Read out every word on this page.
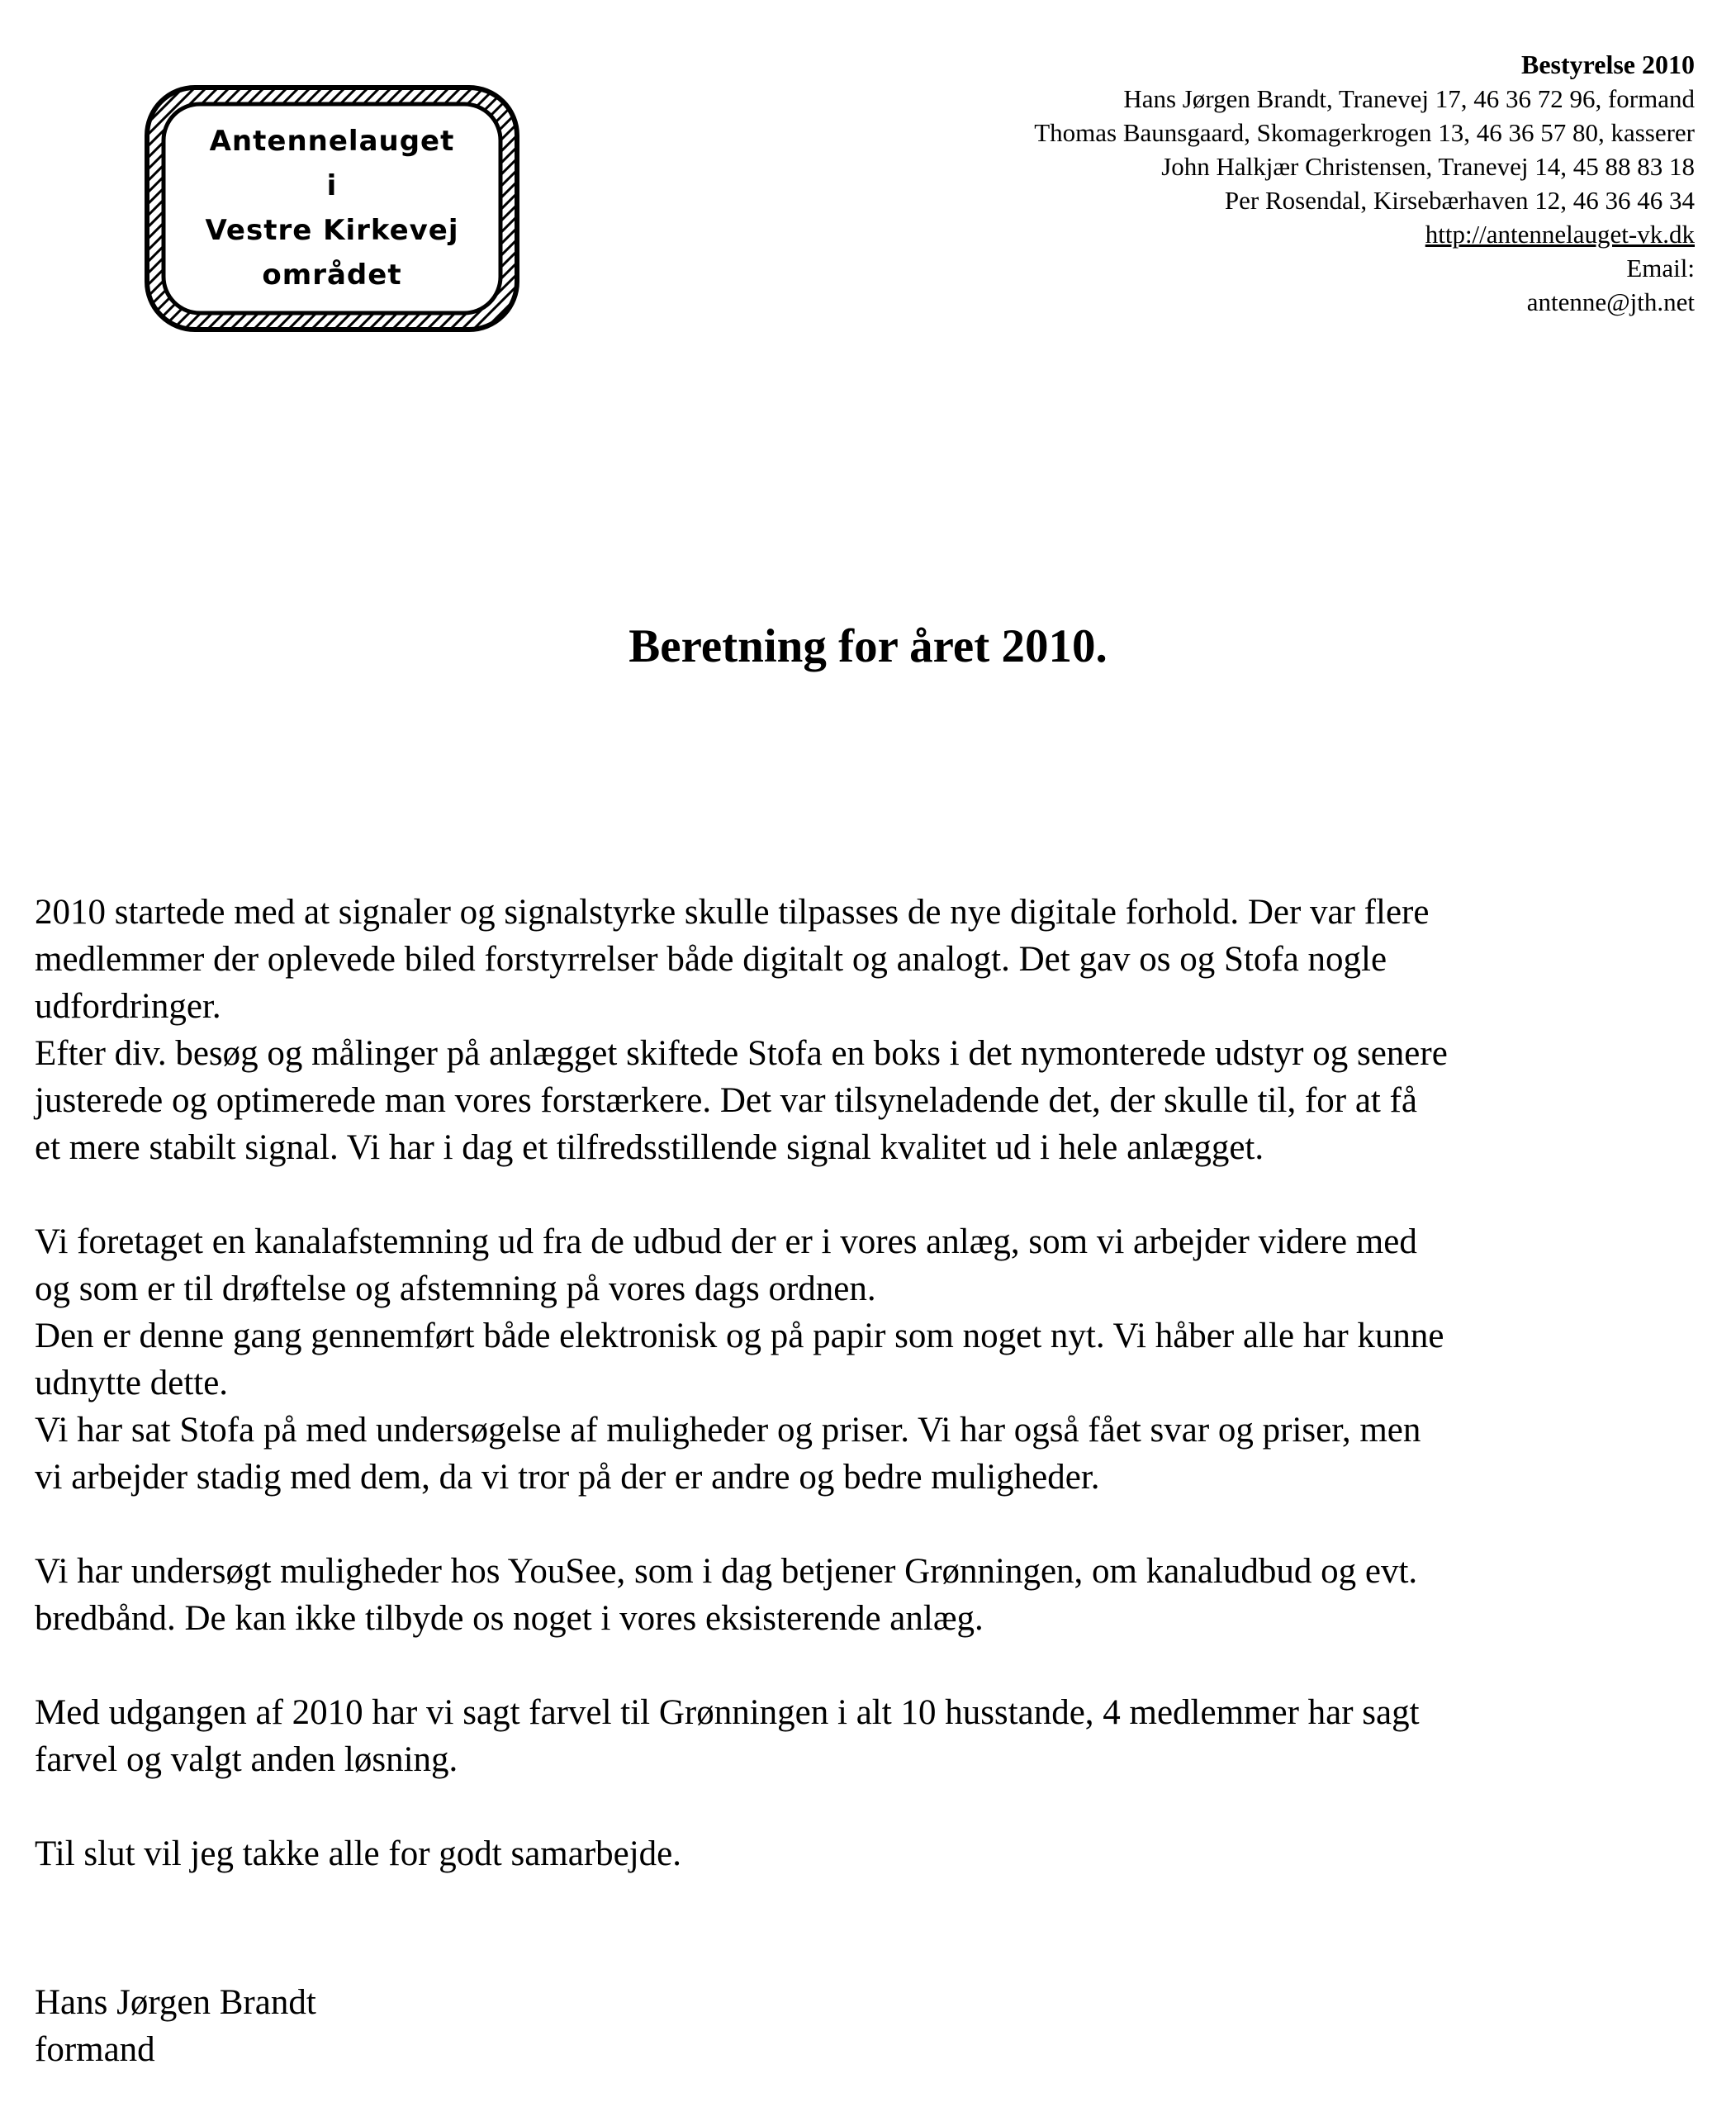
Antennelauget
i
Vestre Kirkevej
området
Bestyrelse 2010
Hans Jørgen Brandt, Tranevej 17, 46 36 72 96, formand
Thomas Baunsgaard, Skomagerkrogen 13, 46 36 57 80, kasserer
John Halkjær Christensen, Tranevej 14, 45 88 83 18
Per Rosendal, Kirsebærhaven 12, 46 36 46 34
http://antennelauget-vk.dk
Email:
antenne@jth.net
Beretning for året 2010.

2010 startede med at signaler og signalstyrke skulle tilpasses de nye digitale forhold. Der var flere
medlemmer der oplevede biled forstyrrelser både digitalt og analogt. Det gav os og Stofa nogle
udfordringer.
Efter div. besøg og målinger på anlægget skiftede Stofa en boks i det nymonterede udstyr og senere
justerede og optimerede man vores forstærkere. Det var tilsyneladende det, der skulle til, for at få
et mere stabilt signal. Vi har i dag et tilfredsstillende signal kvalitet ud i hele anlægget.

Vi foretaget en kanalafstemning ud fra de udbud der er i vores anlæg, som vi arbejder videre med
og som er til drøftelse og afstemning på vores dags ordnen.
Den er denne gang gennemført både elektronisk og på papir som noget nyt. Vi håber alle har kunne
udnytte dette.
Vi har sat Stofa på med undersøgelse af muligheder og priser. Vi har også fået svar og priser, men
vi arbejder stadig med dem, da vi tror på der er andre og bedre muligheder.

Vi har undersøgt muligheder hos YouSee, som i dag betjener Grønningen, om kanaludbud og evt.
bredbånd. De kan ikke tilbyde os noget i vores eksisterende anlæg.

Med udgangen af 2010 har vi sagt farvel til Grønningen i alt 10 husstande, 4 medlemmer har sagt
farvel og valgt anden løsning.

Til slut vil jeg takke alle for godt samarbejde.

Hans Jørgen Brandt
formand
